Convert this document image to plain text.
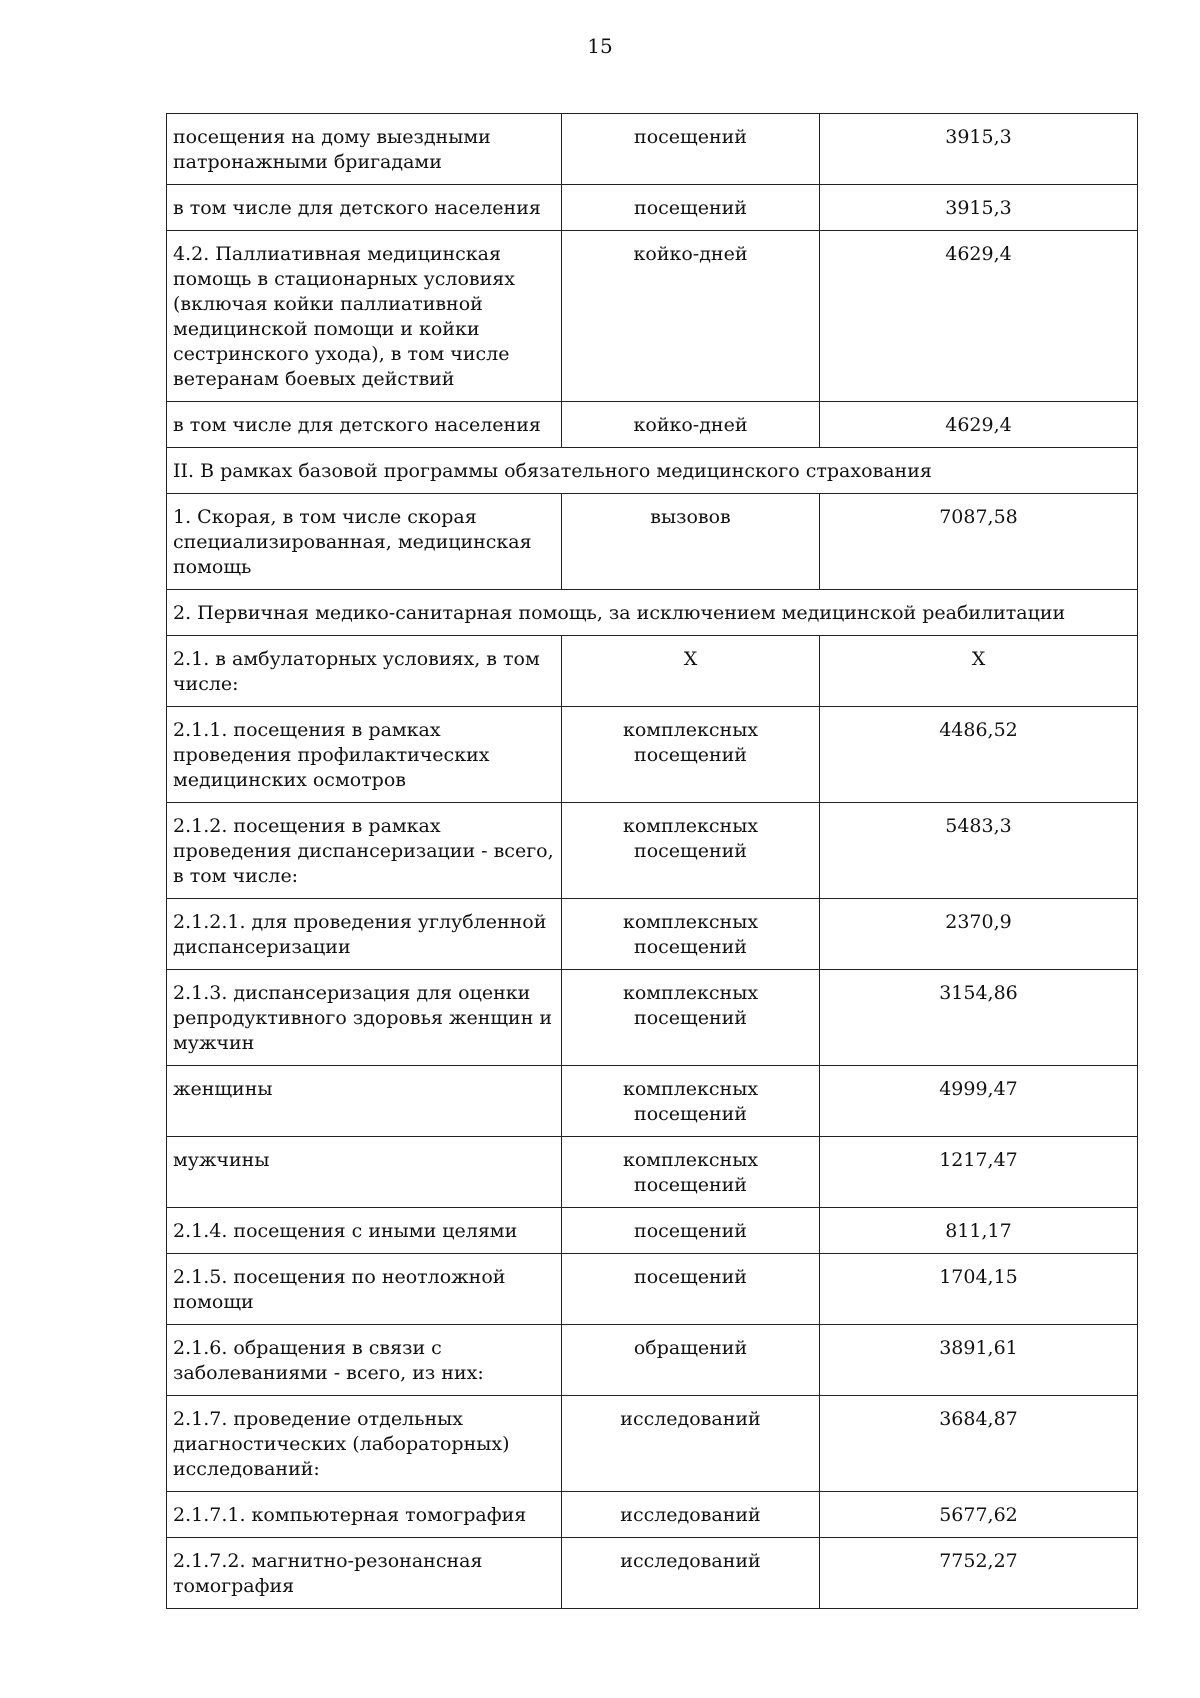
15
посещения на дому выездными патронажными бригадами	посещений	3915,3
в том числе для детского населения	посещений	3915,3
4.2. Паллиативная медицинская помощь в стационарных условиях (включая койки паллиативной медицинской помощи и койки сестринского ухода), в том числе ветеранам боевых действий	койко-дней	4629,4
в том числе для детского населения	койко-дней	4629,4
II. В рамках базовой программы обязательного медицинского страхования		
1. Скорая, в том числе скорая специализированная, медицинская помощь	вызовов	7087,58
2. Первичная медико-санитарная помощь, за исключением медицинской реабилитации		
2.1. в амбулаторных условиях, в том числе:	Х	Х
2.1.1. посещения в рамках проведения профилактических медицинских осмотров	комплексных посещений	4486,52
2.1.2. посещения в рамках проведения диспансеризации - всего, в том числе:	комплексных посещений	5483,3
2.1.2.1. для проведения углубленной диспансеризации	комплексных посещений	2370,9
2.1.3. диспансеризация для оценки репродуктивного здоровья женщин и мужчин	комплексных посещений	3154,86
женщины	комплексных посещений	4999,47
мужчины	комплексных посещений	1217,47
2.1.4. посещения с иными целями	посещений	811,17
2.1.5. посещения по неотложной помощи	посещений	1704,15
2.1.6. обращения в связи с заболеваниями - всего, из них:	обращений	3891,61
2.1.7. проведение отдельных диагностических (лабораторных) исследований:	исследований	3684,87
2.1.7.1. компьютерная томография	исследований	5677,62
2.1.7.2. магнитно-резонансная томография	исследований	7752,27
